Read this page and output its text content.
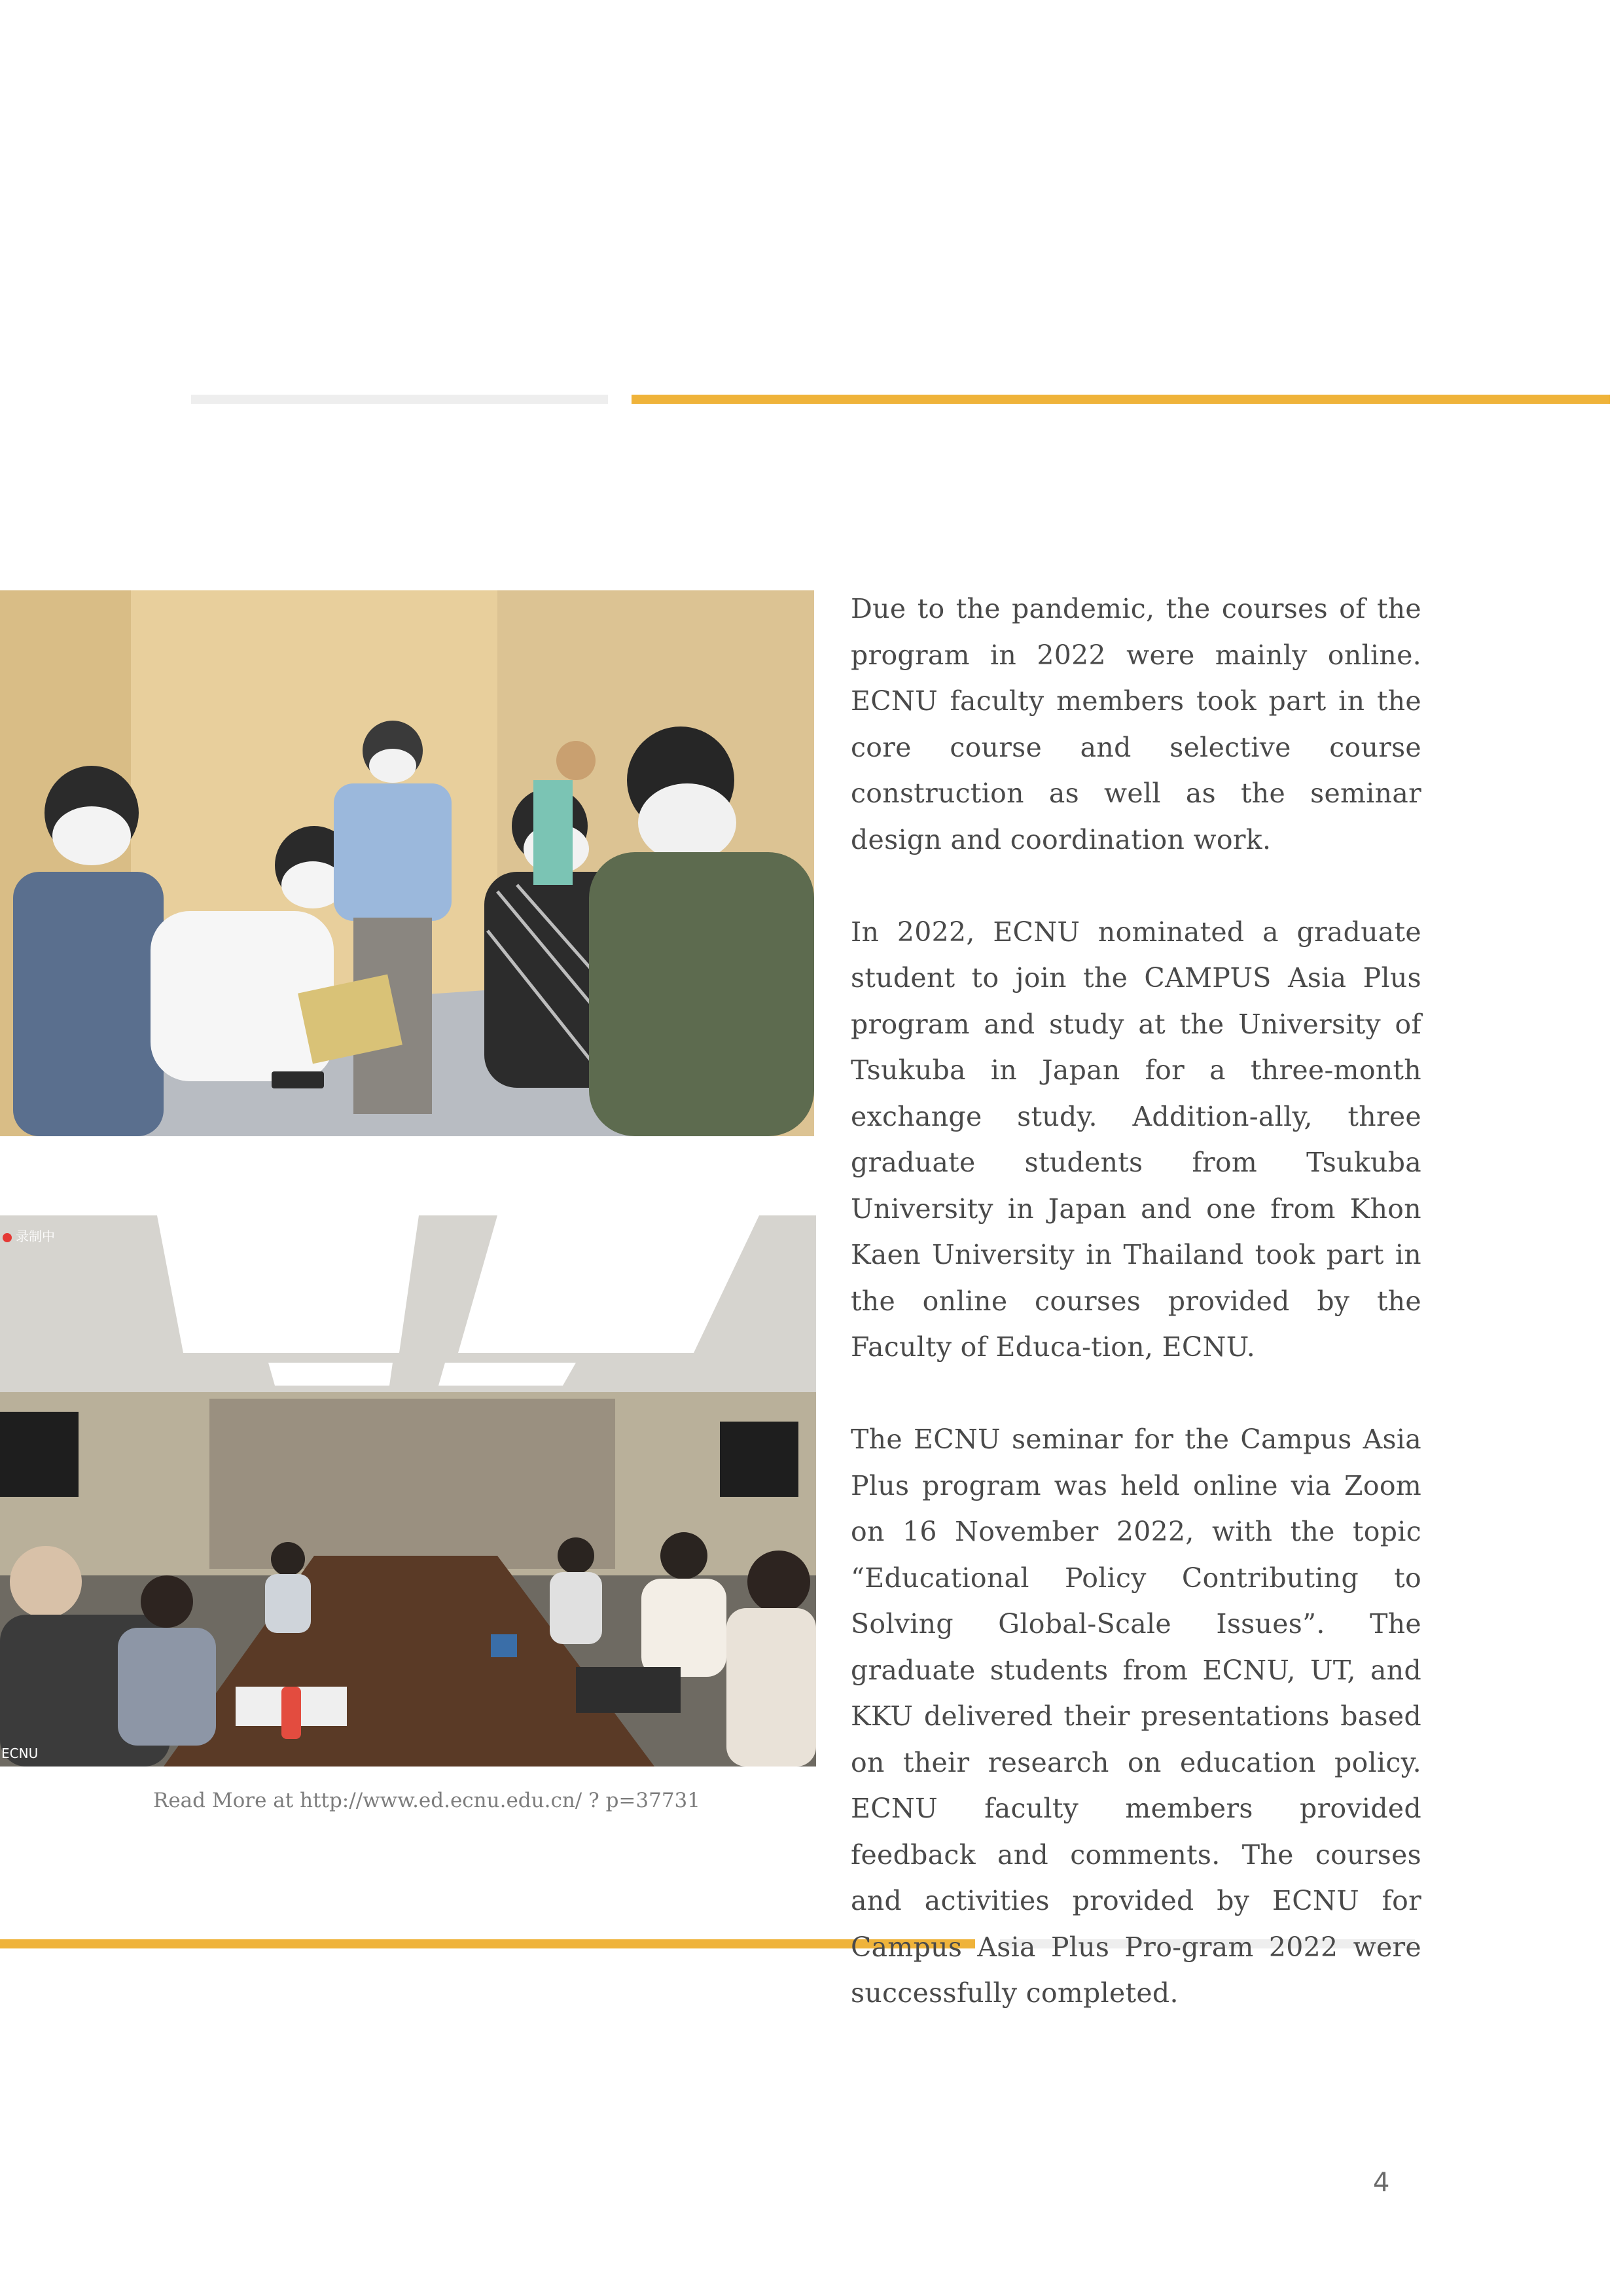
录制中
ECNU
Read More at http://www.ed.ecnu.edu.cn/ ? p=37731

Due to the pandemic, the courses of the program in 2022 were mainly online. ECNU faculty members took part in the core course and selective course construction as well as the seminar design and coordination work.

In 2022, ECNU nominated a graduate student to join the CAMPUS Asia Plus program and study at the University of Tsukuba in Japan for a three-month exchange study. Addition-ally, three graduate students from Tsukuba University in Japan and one from Khon Kaen University in Thailand took part in the online courses provided by the Faculty of Educa-tion, ECNU.

The ECNU seminar for the Campus Asia Plus program was held online via Zoom on 16 November 2022, with the topic “Educational Policy Contributing to Solving Global-Scale Issues”. The graduate students from ECNU, UT, and KKU delivered their presentations based on their research on education policy. ECNU faculty members provided feedback and comments. The courses and activities provided by ECNU for Campus Asia Plus Pro-gram 2022 were successfully completed.

4
